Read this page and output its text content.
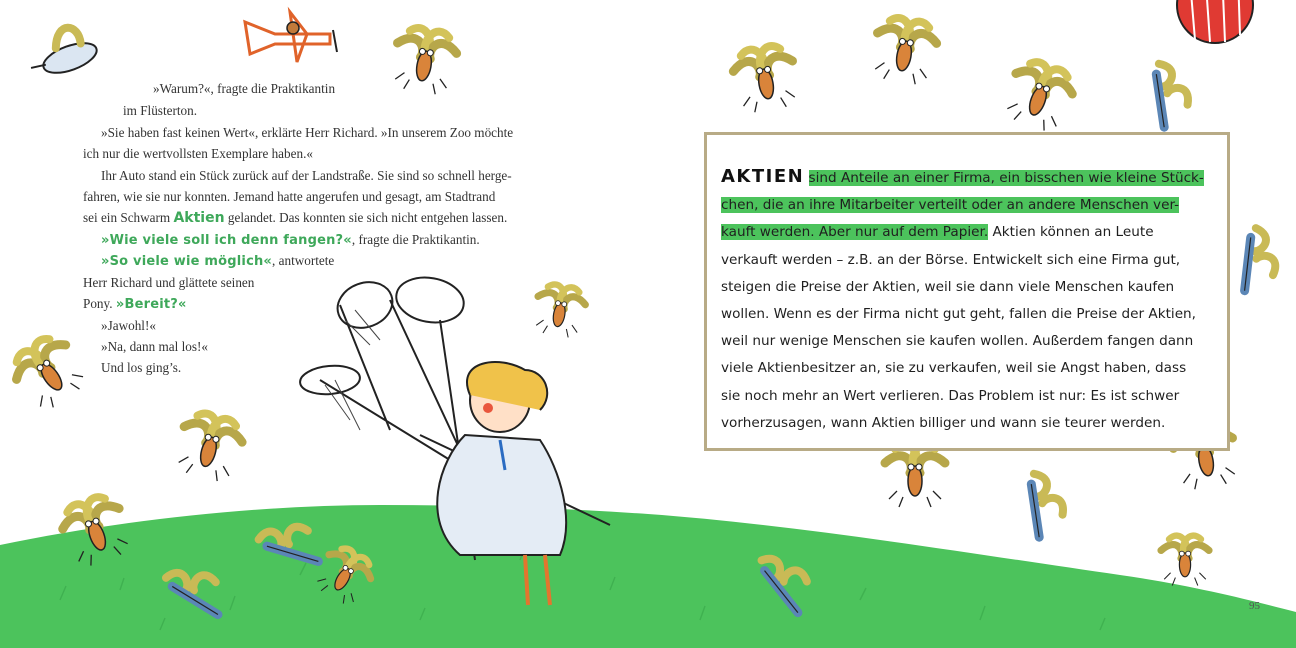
»Warum?«, fragte die Praktikantin

im Flüsterton.

»Sie haben fast keinen Wert«, erklärte Herr Richard. »In unserem Zoo möchte

ich nur die wertvollsten Exemplare haben.«

Ihr Auto stand ein Stück zurück auf der Landstraße. Sie sind so schnell herge-

fahren, wie sie nur konnten. Jemand hatte angerufen und gesagt, am Stadtrand

sei ein Schwarm Aktien gelandet. Das konnten sie sich nicht entgehen lassen.

»Wie viele soll ich denn fangen?«, fragte die Praktikantin.

»So viele wie möglich«, antwortete

Herr Richard und glättete seinen

Pony. »Bereit?«

»Jawohl!«

»Na, dann mal los!«

Und los ging’s.

AKTIEN sind Anteile an einer Firma, ein bisschen wie kleine Stück-
chen, die an ihre Mitarbeiter verteilt oder an andere Menschen ver-
kauft werden. Aber nur auf dem Papier. Aktien können an Leute
verkauft werden – z.B. an der Börse. Entwickelt sich eine Firma gut,
steigen die Preise der Aktien, weil sie dann viele Menschen kaufen
wollen. Wenn es der Firma nicht gut geht, fallen die Preise der Aktien,
weil nur wenige Menschen sie kaufen wollen. Außerdem fangen dann
viele Aktienbesitzer an, sie zu verkaufen, weil sie Angst haben, dass
sie noch mehr an Wert verlieren. Das Problem ist nur: Es ist schwer
vorherzusagen, wann Aktien billiger und wann sie teurer werden.
95
